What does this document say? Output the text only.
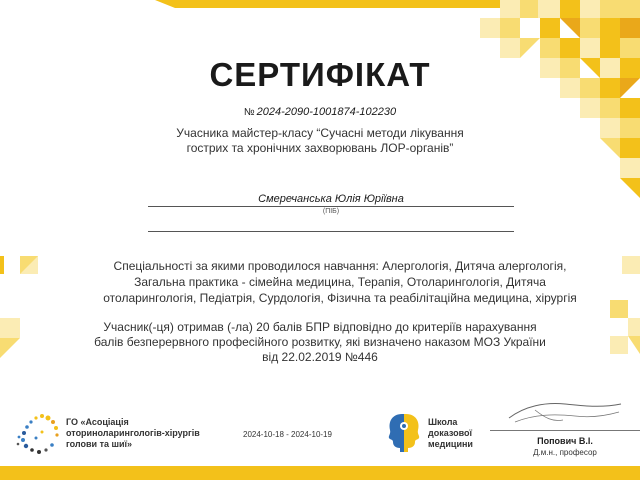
СЕРТИФІКАТ
№ 2024-2090-1001874-102230
Учасника майстер-класу “Сучасні методи лікування
гострих та хронічних захворювань ЛОР-органів”
Смеречанська Юлія Юріївна
(ПІБ)
Спеціальності за якими проводилося навчання: Алергологія, Дитяча алергологія,
Загальна практика - сімейна медицина, Терапія, Отоларингологія, Дитяча
отоларингологія, Педіатрія, Сурдологія, Фізична та реабілітаційна медицина, хірургія
Учасник(-ця) отримав (-ла) 20 балів БПР відповідно до критеріїв нарахування
балів безперервного професійного розвитку, які визначено наказом МОЗ України
від 22.02.2019 №446
ГО «Асоціація
оториноларингологів-хірургів
голови та шиї»
2024-10-18 - 2024-10-19
Школа
доказової
медицини	Попович В.І.
Д.м.н., професор
